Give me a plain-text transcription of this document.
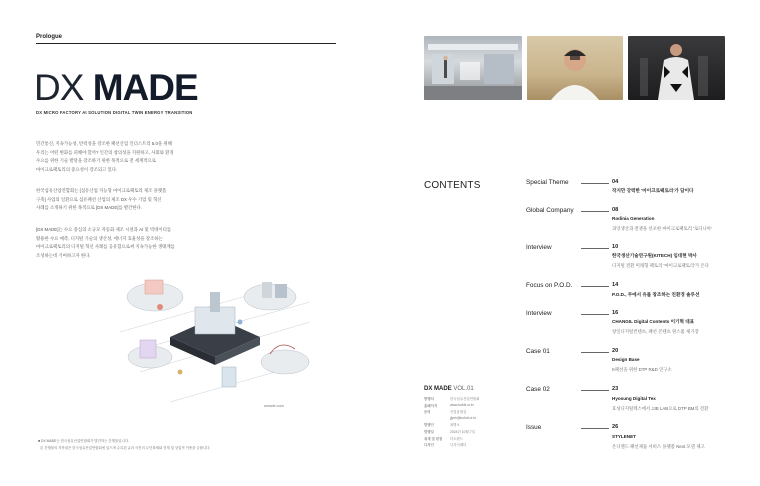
Prologue
DX MADE
DX MICRO FACTORY AI SOLUTION DIGITAL TWIN ENERGY TRANSITION
민간통신, 지속가능성, 탄력성을 강조한 패션산업 인더스트리 5.0을 위해
우리는 어떤 변화를 피해야 할까? 인간의 창의성을 지원하고, 사회와 환경
수요를 위한 기술 발달을 강조하기 위한 목적으로 전 세계적으로
마이크로팩토리의 중요성이 강조되고 있다.
한국섬유산업연합회는 [섬유산업 지능형 마이크로팩토리 제조 플랫폼
구축] 사업의 일환으로 섬유패션 산업의 제조 DX 우수 기업 및 혁신
사례를 소개하기 위한 목적으로 [DX MADE]를 발간한다.
[DX MADE]는 수요 중심의 소규모 자동화 제조 시설과 AI 및 빅데이터를
활용한 수요 예측, 디지털 기술의 생산성, 에너지 효율성을 강조하는
마이크로팩토리의 디지털 혁신 사례를 공유함으로써 지속가능한 생태계를
조성하는데 기여하고자 한다.
umade.com
■ DX MADE는 한국섬유산업연합회가 발간하는 간행물입니다.
본 간행물의 저작권은 한국섬유산업연합회에 있으며 수록된 글과 사진의 무단복제와 전재 및 상업적 이용을 금합니다.
CONTENTS	Special Theme	04
작지만 강력한 '마이크로팩토리'가 답이다
Global Company	08
Rodinia Generation
과잉생산과 전쟁을 선포한 마이크로팩토리 '로디니아'
Interview	10
한국생산기술연구원(KITECH) 임대현 박사
디지털 전환 미래형 팩토리 '마이크로팩토리'가 온다
Focus on P.O.D.	14
P.O.D., 무에서 유를 창조하는 친환경 솔루션
Interview	16
CHANGIL Digital Contents 이기혁 대표
창일디지털컨텐츠, 패션 콘텐츠 원스톱 제기장
Case 01	20
Design Base
K패션을 위한 DTP R&D 연구소
Case 02	23
Hyosung Digital Tex
효성디지털텍스에서 JJB LAB으로 DTP BM의 전환
Issue	26
STYLENET
온디멘드 패션제품 서비스 플랫폼 Next 모델 제고
DX MADE VOL.01
발행처	한국섬유산업연합회
홈페이지	www.kofoti.or.kr
문의	산업융합실
jjyeh@kofoti.or.kr
발행인	최병오
발행일	2024년 10월 7일
취재 및 편집	더트렌드
디자인	디자인레더
